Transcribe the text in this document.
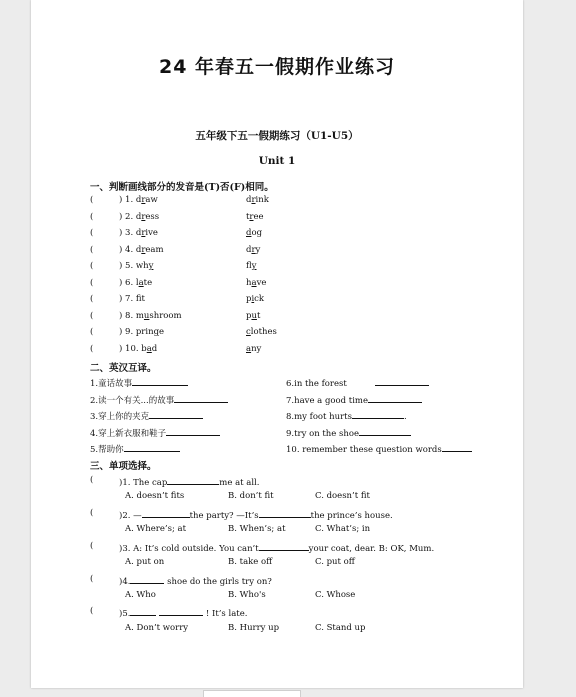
24 年春五一假期作业练习
五年级下五一假期练习（U1-U5）
Unit 1
一、判断画线部分的发音是(T)否(F)相同。
二、英汉互译。
1.童话故事
2.读一个有关...的故事
3.穿上你的夹克
4.穿上新衣服和鞋子
5.帮助你
6.in the forest
7.have a good time
8.my foot hurts	.
9.try on the shoe
10. remember these question words
三、单项选择。
(	)1. The cap	me at all.
A. doesn’t fits	B. don’t fit	C. doesn’t fit
(	)2. —	the party? —It’s	the prince’s house.
A. Where’s; at	B. When’s; at	C. What’s; in
(	)3. A: It’s cold outside. You can’t	your coat, dear. B: OK, Mum.
A. put on	B. take off	C. put off
(	)4.	shoe do the girls try on?
A. Who	B. Who's	C. Whose
(	)5.	! It’s late.
A. Don’t worry	B. Hurry up	C. Stand up
(	) 1. draw	drink
(	) 2. dress	tree
(	) 3. drive	dog
(	) 4. dream	dry
(	) 5. why	fly
(	) 6. late	have
(	) 7. ft	pick
(	) 8. mushroom	put
(	) 9. pringe	clothes
(	) 10. bad	any
